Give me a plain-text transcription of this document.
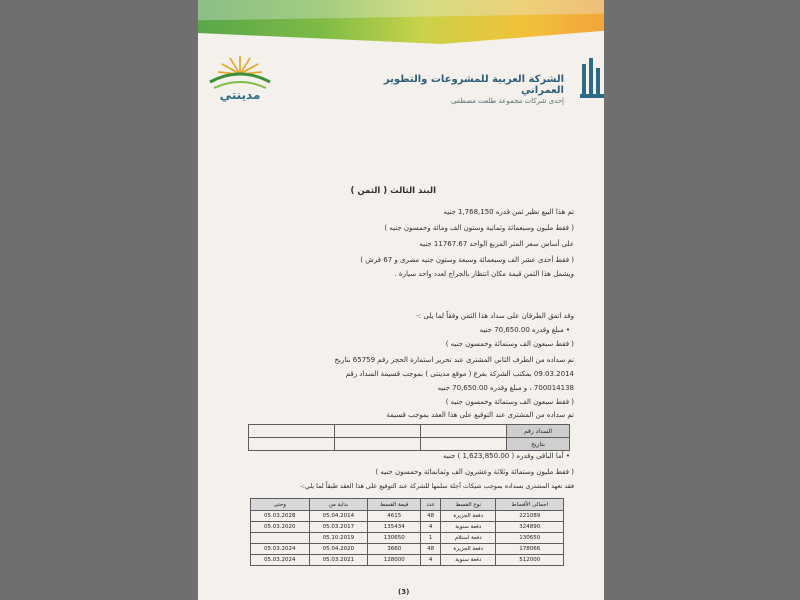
مدينتي
الشركة العربية للمشروعات والتطوير العمراني
إحدى شركات مجموعة طلعت مصطفى
البند الثالث ( الثمن )
تم هذا البيع نظير ثمن قدره 1,768,150 جنيه
( فقط مليون وسبعمائة وثمانية وستون الف ومائة وخمسون جنيه )
على أساس سعر المتر المربع الواحد 11767.67 جنيه
( فقط أحدى عشر الف وسبعمائة وسبعة وستون جنيه مصرى و 67 قرش )
ويشمل هذا الثمن قيمة مكان انتظار بالجراج لعدد واحد سيارة .
وقد اتفق الطرفان على سداد هذا الثمن وفقاً لما يلى :-
• مبلغ وقدره 70,650.00 جنيه
( فقط سبعون الف وستمائة وخمسون جنيه )
تم سداده من الطرف الثاني المشترى عند تحرير استمارة الحجز رقم 65759 بتاريخ
09.03.2014 بمكتب الشركة بفرع ( موقع مدينتى ) بموجب قسيمة السداد رقم
700014138 ، و مبلغ وقدره 70,650.00 جنيه
( فقط سبعون الف وستمائة وخمسون جنيه )
تم سداده من المشترى عند التوقيع على هذا العقد بموجب قسيمة
السداد رقم			
بتاريخ			
• أما الباقى وقدره ( 1,623,850.00 ) جنيه
( فقط مليون وستمائة وثلاثة وعشرون الف وثمانمائة وخمسون جنيه )
فقد تعهد المشترى بسداده بموجب شيكات آجلة سلمها للشركة عند التوقيع على هذا العقد طبقاً لما يلي:-
اجمالى الأقساط	نوع القسط	عدد	قيمة القسط	بداية من	وحتى
221089	دفعة الجزيرة	48	4615	05.04.2014	05.03.2028
324890	دفعة سنوية	4	135434	05.03.2017	05.03.2020
130650	دفعة استلام	1	130650	05.10.2019	
178066	دفعة الجزيرة	48	3660	05.04.2020	05.03.2024
512000	دفعة سنوية	4	128000	05.03.2021	05.03.2024
(3)
